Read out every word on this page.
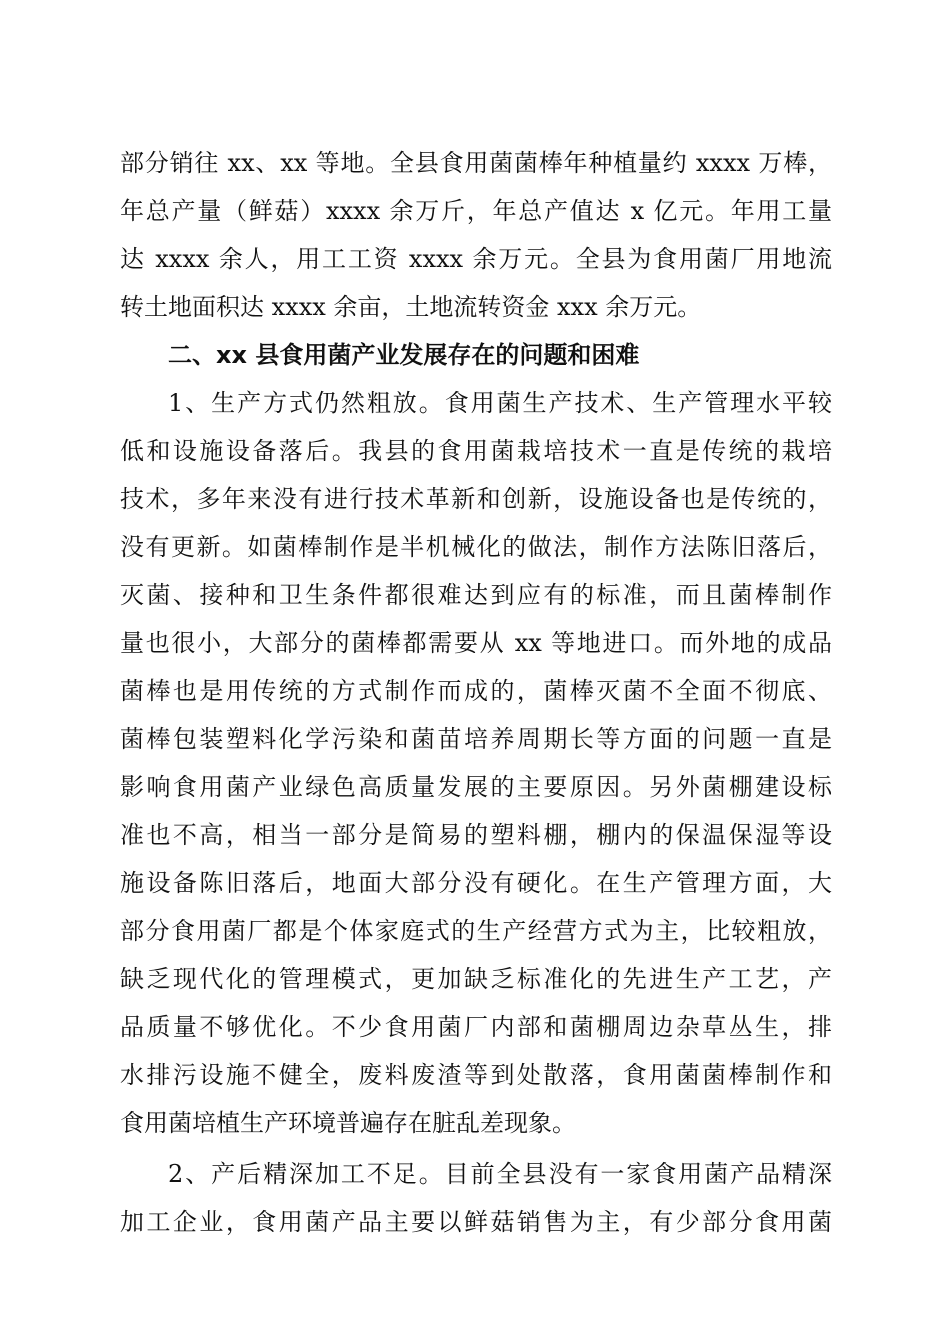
部分销往 xx、xx 等地。全县食用菌菌棒年种植量约 xxxx 万棒，
年总产量（鲜菇）xxxx 余万斤，年总产值达 x 亿元。年用工量
达 xxxx 余人，用工工资 xxxx 余万元。全县为食用菌厂用地流
转土地面积达 xxxx 余亩，土地流转资金 xxx 余万元。
二、xx 县食用菌产业发展存在的问题和困难
1、生产方式仍然粗放。食用菌生产技术、生产管理水平较
低和设施设备落后。我县的食用菌栽培技术一直是传统的栽培
技术，多年来没有进行技术革新和创新，设施设备也是传统的，
没有更新。如菌棒制作是半机械化的做法，制作方法陈旧落后，
灭菌、接种和卫生条件都很难达到应有的标准，而且菌棒制作
量也很小，大部分的菌棒都需要从 xx 等地进口。而外地的成品
菌棒也是用传统的方式制作而成的，菌棒灭菌不全面不彻底、
菌棒包装塑料化学污染和菌苗培养周期长等方面的问题一直是
影响食用菌产业绿色高质量发展的主要原因。另外菌棚建设标
准也不高，相当一部分是简易的塑料棚，棚内的保温保湿等设
施设备陈旧落后，地面大部分没有硬化。在生产管理方面，大
部分食用菌厂都是个体家庭式的生产经营方式为主，比较粗放，
缺乏现代化的管理模式，更加缺乏标准化的先进生产工艺，产
品质量不够优化。不少食用菌厂内部和菌棚周边杂草丛生，排
水排污设施不健全，废料废渣等到处散落，食用菌菌棒制作和
食用菌培植生产环境普遍存在脏乱差现象。
2、产后精深加工不足。目前全县没有一家食用菌产品精深
加工企业，食用菌产品主要以鲜菇销售为主，有少部分食用菌
